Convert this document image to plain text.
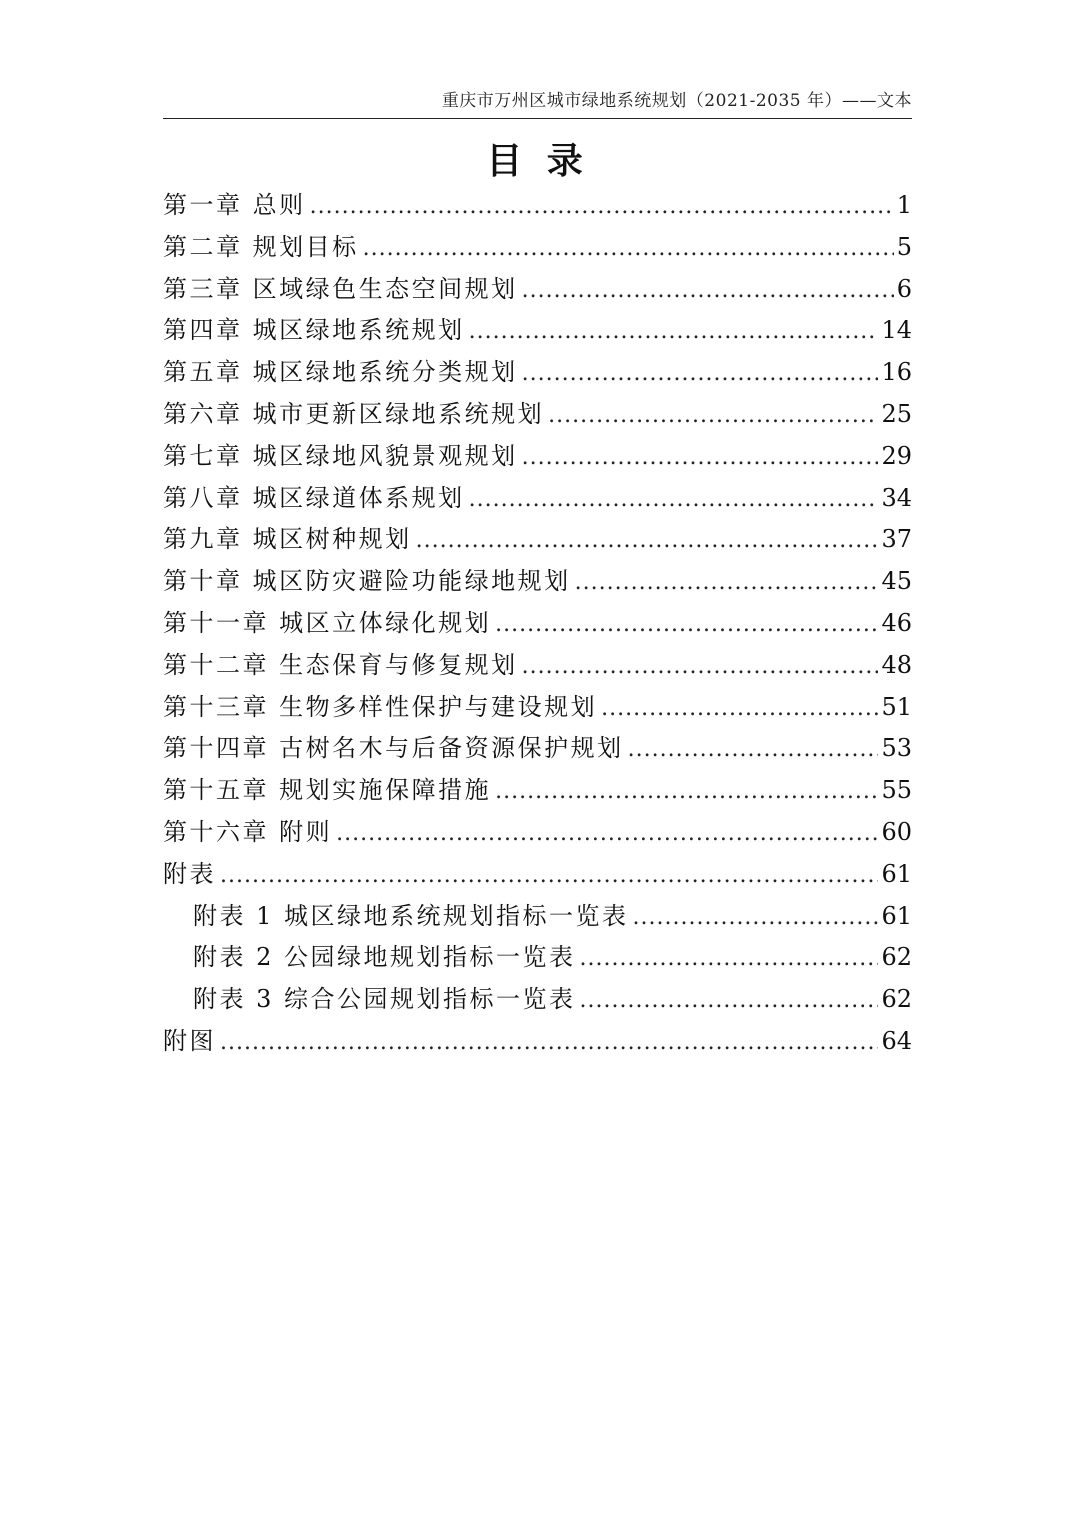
重庆市万州区城市绿地系统规划（2021-2035 年）——文本
目 录
第一章 总则 .....	1
第二章 规划目标 .....	5
第三章 区域绿色生态空间规划 .....	6
第四章 城区绿地系统规划 .....	14
第五章 城区绿地系统分类规划 .....	16
第六章 城市更新区绿地系统规划 .....	25
第七章 城区绿地风貌景观规划 .....	29
第八章 城区绿道体系规划 .....	34
第九章 城区树种规划 .....	37
第十章 城区防灾避险功能绿地规划 .....	45
第十一章 城区立体绿化规划 .....	46
第十二章 生态保育与修复规划 .....	48
第十三章 生物多样性保护与建设规划 .....	51
第十四章 古树名木与后备资源保护规划 .....	53
第十五章 规划实施保障措施 .....	55
第十六章 附则 .....	60
附表 .....	61
附表 1 城区绿地系统规划指标一览表 .....	61
附表 2 公园绿地规划指标一览表 .....	62
附表 3 综合公园规划指标一览表 .....	62
附图 .....	64
